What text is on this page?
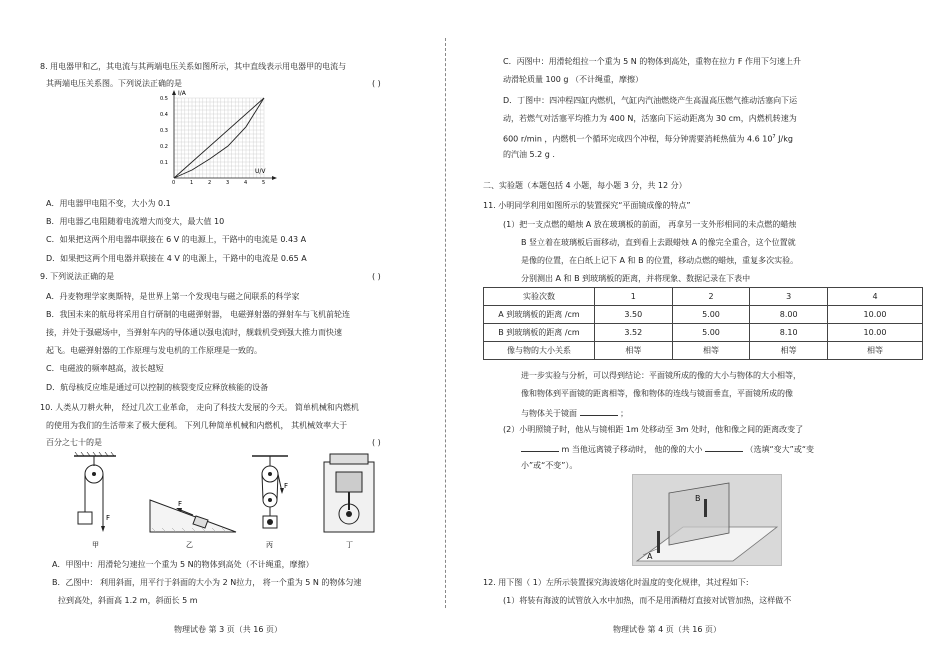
8. 用电器甲和乙，其电流与其两端电压关系如图所示，其中直线表示用电器甲的电流与
其两端电压关系图。下列说法正确的是	( )
0	1	2	3	4	5
0.1
0.2
0.3
0.4
0.5
I/A
U/V
A．用电器甲电阻不变，大小为 0.1
B．用电器乙电阻随着电流增大而变大，最大值 10
C．如果把这两个用电器串联接在 6 V 的电源上，干路中的电流是 0.43 A
D．如果把这两个用电器并联接在 4 V 的电源上，干路中的电流是 0.65 A
9. 下列说法正确的是	( )
A．丹麦物理学家奥斯特，是世界上第一个发现电与磁之间联系的科学家
B．我国未来的航母将采用自行研制的电磁弹射器， 电磁弹射器的弹射车与飞机前轮连
接，并处于强磁场中，当弹射车内的导体通以强电流时，舰载机受到强大推力而快速
起飞。电磁弹射器的工作原理与发电机的工作原理是一致的。
C．电磁波的频率越高，波长越短
D．航母核反应堆是通过可以控制的核裂变反应释放核能的设备
10. 人类从刀耕火种， 经过几次工业革命， 走向了科技大发展的今天。 简单机械和内燃机
的使用为我们的生活带来了极大便利。 下列几种简单机械和内燃机， 其机械效率大于
百分之七十的是	( )
F
甲
F
乙
F
丙	丁
A．甲图中：用滑轮匀速拉一个重为 5 N的物体到高处（不计绳重，摩擦）
B．乙图中： 利用斜面，用平行于斜面的大小为 2 N拉力， 将一个重为 5 N 的物体匀速
拉到高处，斜面高 1.2 m，斜面长 5 m
物理试卷 第 3 页（共 16 页）
C．丙图中：用滑轮组拉一个重为 5 N 的物体到高处，重物在拉力 F 作用下匀速上升
动滑轮质量 100 g （不计绳重，摩擦）
D．丁图中：四冲程四缸内燃机，气缸内汽油燃烧产生高温高压燃气推动活塞向下运
动，若燃气对活塞平均推力为 400 N，活塞向下运动距离为 30 cm，内燃机转速为
600 r/min ，内燃机一个循环完成四个冲程，每分钟需要消耗热值为 4.6 $10^7$ J/kg
的汽油 5.2 g .
二、实验题（本题包括 4 小题，每小题 3 分，共 12 分）
11. 小明同学利用如图所示的装置探究“平面镜成像的特点”
(1）把一支点燃的蜡烛 A 放在玻璃板的前面， 再拿另一支外形相同的未点燃的蜡烛
B 竖立着在玻璃板后面移动，直到看上去跟蜡烛 A 的像完全重合，这个位置就
是像的位置，在白纸上记下 A 和 B 的位置，移动点燃的蜡烛，重复多次实验。
分别测出 A 和 B 到玻璃板的距离，并将现象、数据记录在下表中
实验次数	1	2	3	4
A 到玻璃板的距离 /cm	3.50	5.00	8.00	10.00
B 到玻璃板的距离 /cm	3.52	5.00	8.10	10.00
像与物的大小关系	相等	相等	相等	相等
进一步实验与分析，可以得到结论：平面镜所成的像的大小与物体的大小相等，
像和物体到平面镜的距离相等，像和物体的连线与镜面垂直，平面镜所成的像
与物体关于镜面	；
(2）小明照镜子时，他从与镜相距 1m 处移动至 3m 处时，他和像之间的距离改变了
m 当他远离镜子移动时， 他的像的大小	（选填“变大”或“变
小”或“不变”）。
物理试卷 第 4 页（共 16 页）
12. 用下图（ 1）左所示装置探究海波熔化时温度的变化规律，其过程如下:
(1）将装有海波的试管放入水中加热，而不是用酒精灯直接对试管加热，这样做不
B
A
